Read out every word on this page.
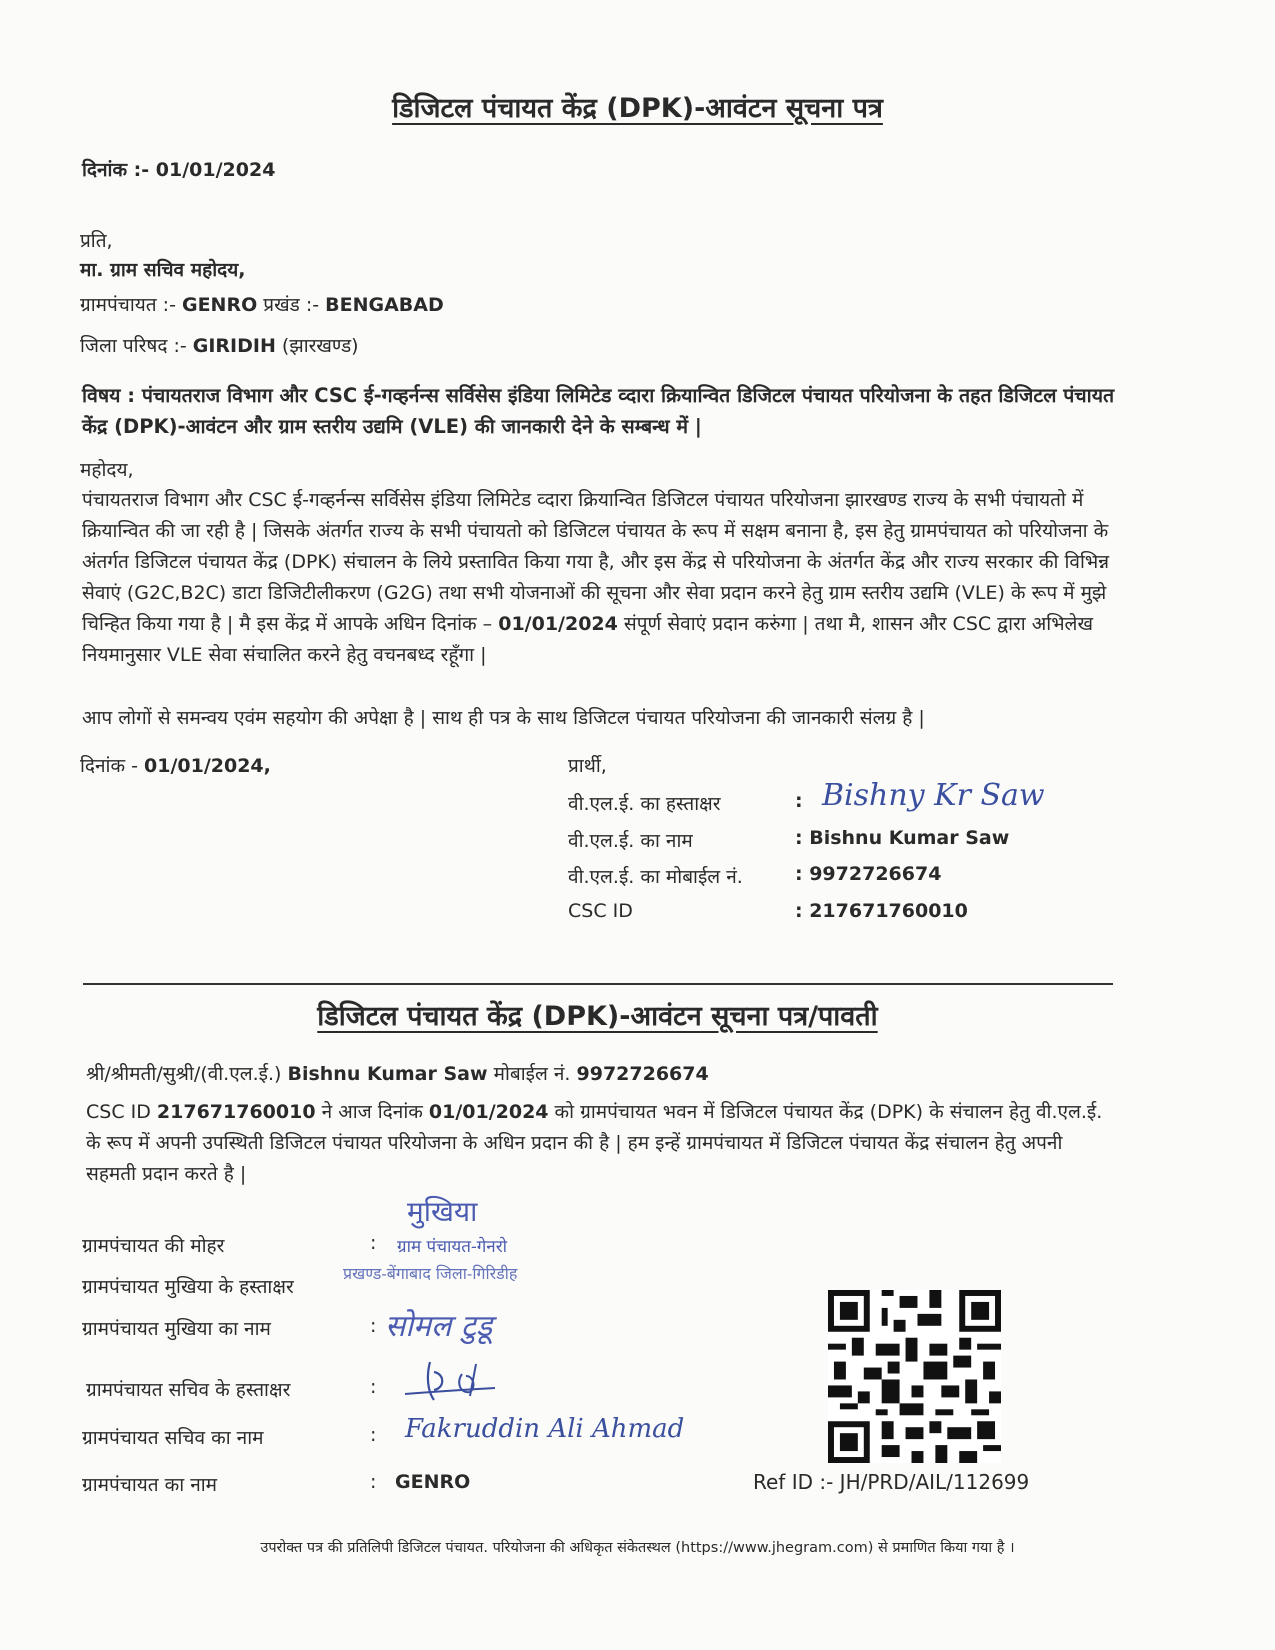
डिजिटल पंचायत केंद्र (DPK)-आवंटन सूचना पत्र
दिनांक :- 01/01/2024
प्रति,
मा. ग्राम सचिव महोदय,
ग्रामपंचायत :- GENRO प्रखंड :- BENGABAD
जिला परिषद :- GIRIDIH (झारखण्ड)
विषय : पंचायतराज विभाग और CSC ई-गव्हर्नन्स सर्विसेस इंडिया लिमिटेड व्दारा क्रियान्वित डिजिटल पंचायत परियोजना के तहत डिजिटल पंचायत केंद्र (DPK)-आवंटन और ग्राम स्तरीय उद्यमि (VLE) की जानकारी देने के सम्बन्ध में |
महोदय,
पंचायतराज विभाग और CSC ई-गव्हर्नन्स सर्विसेस इंडिया लिमिटेड व्दारा क्रियान्वित डिजिटल पंचायत परियोजना झारखण्ड राज्य के सभी पंचायतो में क्रियान्वित की जा रही है | जिसके अंतर्गत राज्य के सभी पंचायतो को डिजिटल पंचायत के रूप में सक्षम बनाना है, इस हेतु ग्रामपंचायत को परियोजना के अंतर्गत डिजिटल पंचायत केंद्र (DPK) संचालन के लिये प्रस्तावित किया गया है, और इस केंद्र से परियोजना के अंतर्गत केंद्र और राज्य सरकार की विभिन्न सेवाएं (G2C,B2C) डाटा डिजिटीलीकरण (G2G) तथा सभी योजनाओं की सूचना और सेवा प्रदान करने हेतु ग्राम स्तरीय उद्यमि (VLE) के रूप में मुझे चिन्हित किया गया है | मै इस केंद्र में आपके अधिन दिनांक – 01/01/2024 संपूर्ण सेवाएं प्रदान करुंगा | तथा मै, शासन और CSC द्वारा अभिलेख नियमानुसार VLE सेवा संचालित करने हेतु वचनबध्द रहूँगा |
आप लोगों से समन्वय एवंम सहयोग की अपेक्षा है | साथ ही पत्र के साथ डिजिटल पंचायत परियोजना की जानकारी संलग्र है |
दिनांक - 01/01/2024,	प्रार्थी,
वी.एल.ई. का हस्ताक्षर	: Bishny Kr Saw
वी.एल.ई. का नाम	: Bishnu Kumar Saw
वी.एल.ई. का मोबाईल नं.	: 9972726674
CSC ID	: 217671760010
डिजिटल पंचायत केंद्र (DPK)-आवंटन सूचना पत्र/पावती
श्री/श्रीमती/सुश्री/(वी.एल.ई.) Bishnu Kumar Saw मोबाईल नं. 9972726674
CSC ID 217671760010 ने आज दिनांक 01/01/2024 को ग्रामपंचायत भवन में डिजिटल पंचायत केंद्र (DPK) के संचालन हेतु वी.एल.ई. के रूप में अपनी उपस्थिती डिजिटल पंचायत परियोजना के अधिन प्रदान की है | हम इन्हें ग्रामपंचायत में डिजिटल पंचायत केंद्र संचालन हेतु अपनी सहमती प्रदान करते है |
मुखिया
ग्राम पंचायत-गेनरो
प्रखण्ड-बेंगाबाद जिला-गिरिडीह
ग्रामपंचायत की मोहर	:
ग्रामपंचायत मुखिया के हस्ताक्षर
ग्रामपंचायत मुखिया का नाम	: सोमल टुडू
ग्रामपंचायत सचिव के हस्ताक्षर	:
ग्रामपंचायत सचिव का नाम	: Fakruddin Ali Ahmad
ग्रामपंचायत का नाम	: GENRO	Ref ID :- JH/PRD/AIL/112699
उपरोक्त पत्र की प्रतिलिपी डिजिटल पंचायत. परियोजना की अधिकृत संकेतस्थल (https://www.jhegram.com) से प्रमाणित किया गया है ।
